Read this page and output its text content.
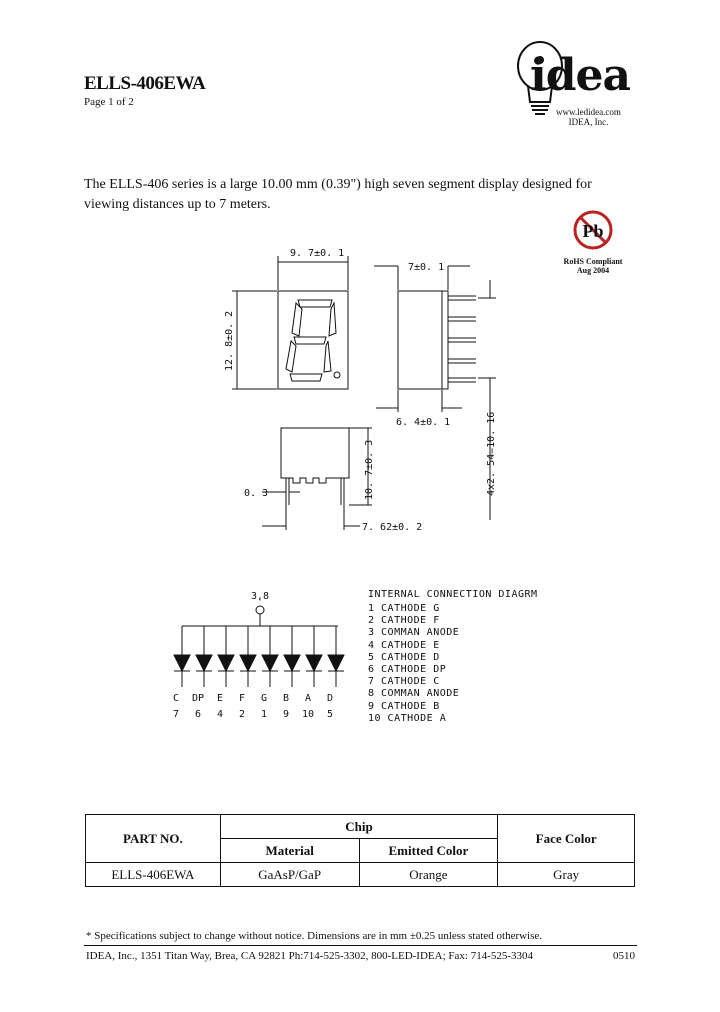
ELLS-406EWA
Page 1 of 2
idea
www.ledidea.com
IDEA, Inc.
The ELLS-406 series is a large 10.00 mm (0.39") high seven segment display designed for
viewing distances up to 7 meters.
Pb
RoHS Compliant
Aug 2004
9. 7±0. 1
12. 8±0. 2
7±0. 1
6. 4±0. 1	4x2. 54=10. 16
10. 7±0. 3
0. 3
7. 62±0. 2
3,8
C DP E F G B A D
7 6 4 2 1 9 10 5
INTERNAL CONNECTION DIAGRM
1 CATHODE G
2 CATHODE F
3 COMMAN ANODE
4 CATHODE E
5 CATHODE D
6 CATHODE DP
7 CATHODE C
8 COMMAN ANODE
9 CATHODE B
10 CATHODE A
PART NO.	Chip		Face Color
	Material	Emitted Color	
ELLS-406EWA	GaAsP/GaP	Orange	Gray
* Specifications subject to change without notice. Dimensions are in mm ±0.25 unless stated otherwise.
IDEA, Inc., 1351 Titan Way, Brea, CA 92821 Ph:714-525-3302, 800-LED-IDEA; Fax: 714-525-3304	0510
